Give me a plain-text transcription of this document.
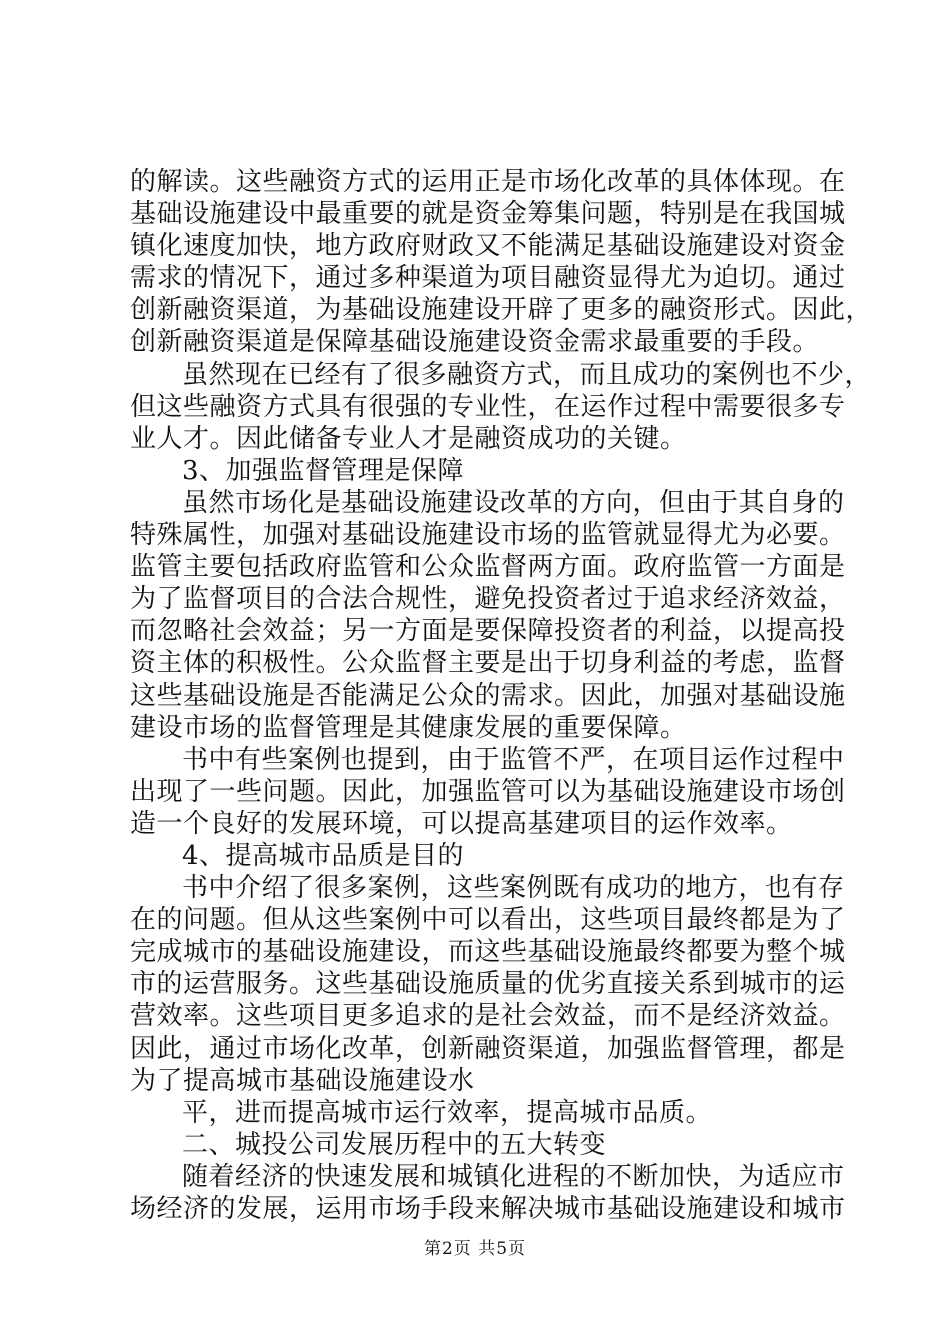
的解读。这些融资方式的运用正是市场化改革的具体体现。在
基础设施建设中最重要的就是资金筹集问题，特别是在我国城
镇化速度加快，地方政府财政又不能满足基础设施建设对资金
需求的情况下，通过多种渠道为项目融资显得尤为迫切。通过
创新融资渠道，为基础设施建设开辟了更多的融资形式。因此，
创新融资渠道是保障基础设施建设资金需求最重要的手段。
虽然现在已经有了很多融资方式，而且成功的案例也不少，
但这些融资方式具有很强的专业性，在运作过程中需要很多专
业人才。因此储备专业人才是融资成功的关键。
3、加强监督管理是保障
虽然市场化是基础设施建设改革的方向，但由于其自身的
特殊属性，加强对基础设施建设市场的监管就显得尤为必要。
监管主要包括政府监管和公众监督两方面。政府监管一方面是
为了监督项目的合法合规性，避免投资者过于追求经济效益，
而忽略社会效益；另一方面是要保障投资者的利益，以提高投
资主体的积极性。公众监督主要是出于切身利益的考虑，监督
这些基础设施是否能满足公众的需求。因此，加强对基础设施
建设市场的监督管理是其健康发展的重要保障。
书中有些案例也提到，由于监管不严，在项目运作过程中
出现了一些问题。因此，加强监管可以为基础设施建设市场创
造一个良好的发展环境，可以提高基建项目的运作效率。
4、提高城市品质是目的
书中介绍了很多案例，这些案例既有成功的地方，也有存
在的问题。但从这些案例中可以看出，这些项目最终都是为了
完成城市的基础设施建设，而这些基础设施最终都要为整个城
市的运营服务。这些基础设施质量的优劣直接关系到城市的运
营效率。这些项目更多追求的是社会效益，而不是经济效益。
因此，通过市场化改革，创新融资渠道，加强监督管理，都是
为了提高城市基础设施建设水
平，进而提高城市运行效率，提高城市品质。
二、城投公司发展历程中的五大转变
随着经济的快速发展和城镇化进程的不断加快，为适应市
场经济的发展，运用市场手段来解决城市基础设施建设和城市
第2页 共5页
